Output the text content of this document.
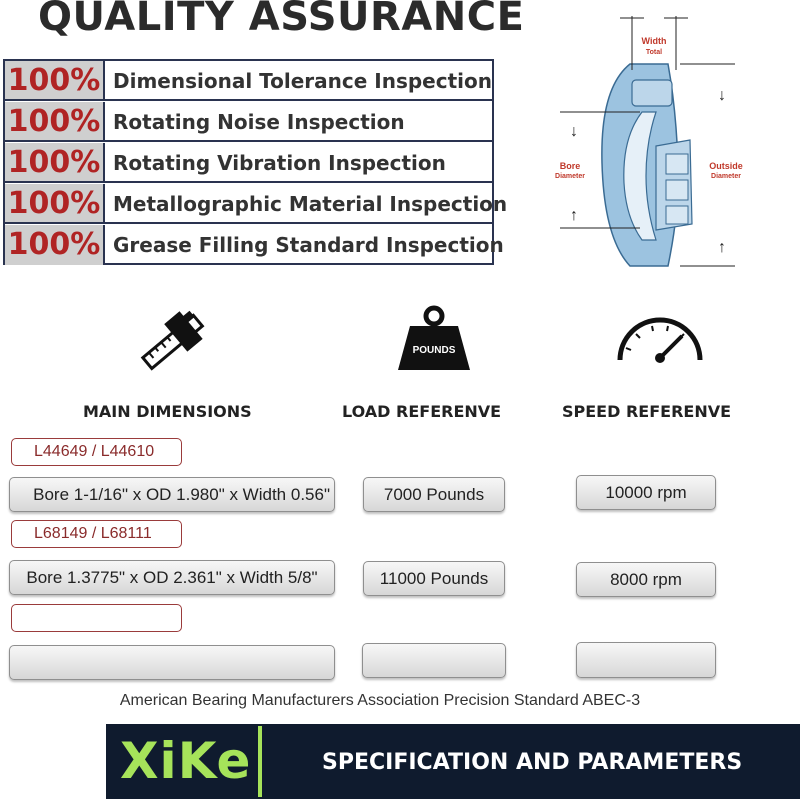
QUALITY ASSURANCE
100% Dimensional Tolerance Inspection
100% Rotating Noise Inspection
100% Rotating Vibration Inspection
100% Metallographic Material Inspection
100% Grease Filling Standard Inspection
↓
↑
↓
↑
Width
Total
Bore
Diameter
Outside
Diameter
POUNDS
MAIN DIMENSIONS	LOAD REFERENVE	SPEED REFERENVE
L44649 / L44610
Bore 1-1/16" x OD 1.980" x Width 0.56"	7000 Pounds	10000 rpm
L68149 / L68111
Bore 1.3775" x OD 2.361" x Width 5/8"	11000 Pounds	8000 rpm
American Bearing Manufacturers Association Precision Standard ABEC-3
XiKe	SPECIFICATION AND PARAMETERS
